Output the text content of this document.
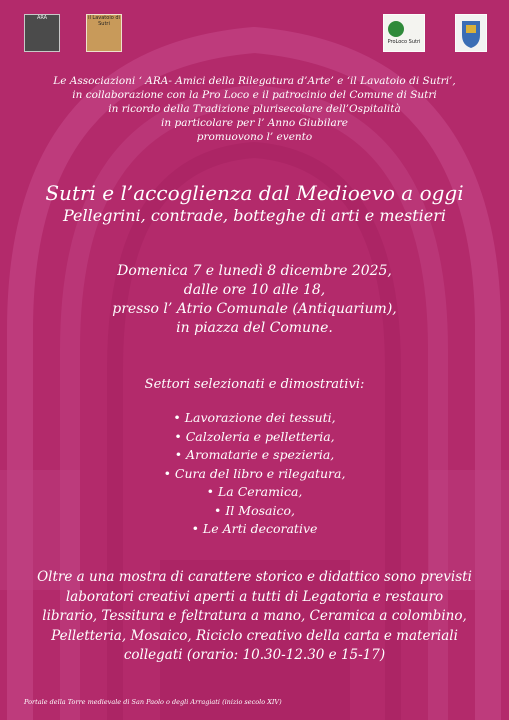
ARA	il Lavatoio di Sutri
ProLoco Sutri
Le Associazioni ‘ ARA- Amici della Rilegatura d’Arte’ e ‘il Lavatoio di Sutri’,
in collaborazione con la Pro Loco e il patrocinio del Comune di Sutri
in ricordo della Tradizione plurisecolare dell’Ospitalità
in particolare per l’ Anno Giubilare
promuovono l’ evento
Sutri e l’accoglienza dal Medioevo a oggi
Pellegrini, contrade, botteghe di arti e mestieri
Domenica 7 e lunedì 8 dicembre 2025,
dalle ore 10 alle 18,
presso l’ Atrio Comunale (Antiquarium),
in piazza del Comune.
Settori selezionati e dimostrativi:
• Lavorazione dei tessuti,
• Calzoleria e pelletteria,
• Aromatarie e spezieria,
• Cura del libro e rilegatura,
• La Ceramica,
• Il Mosaico,
• Le Arti decorative
Oltre a una mostra di carattere storico e didattico sono previsti
laboratori creativi aperti a tutti di Legatoria e restauro
librario, Tessitura e feltratura a mano, Ceramica a colombino,
Pelletteria, Mosaico, Riciclo creativo della carta e materiali
collegati (orario: 10.30-12.30 e 15-17)
Portale della Torre medievale di San Paolo o degli Arragiati (inizio secolo XIV)
